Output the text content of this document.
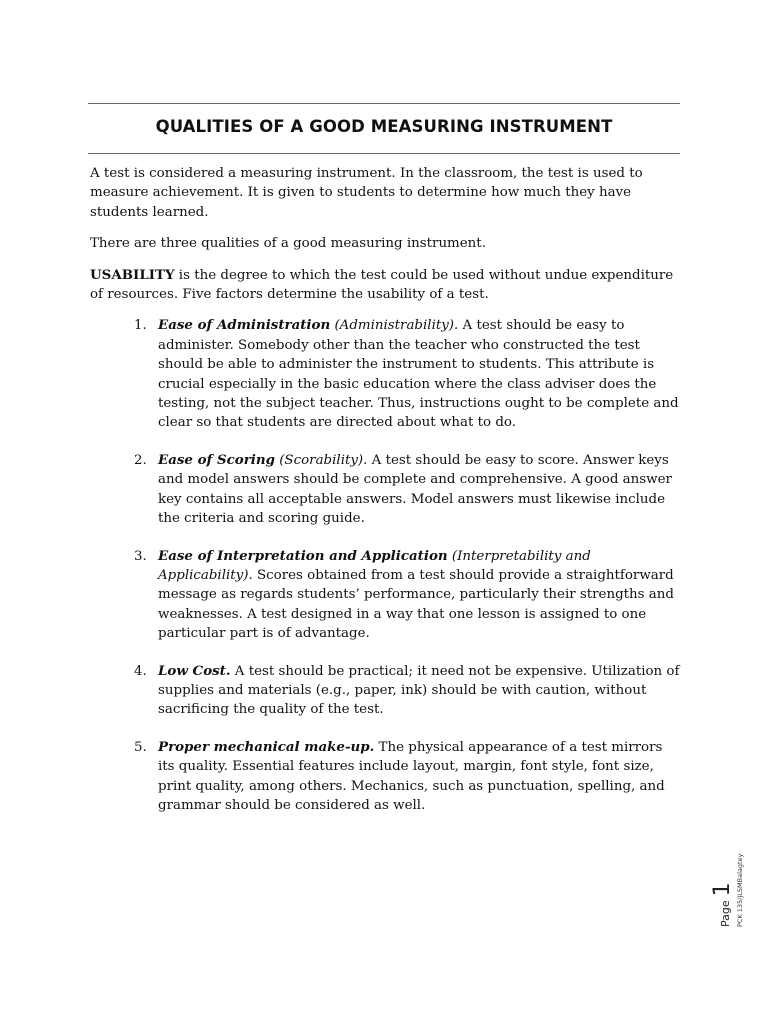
QUALITIES OF A GOOD MEASURING INSTRUMENT

A test is considered a measuring instrument. In the classroom, the test is used to measure achievement. It is given to students to determine how much they have students learned.

There are three qualities of a good measuring instrument.

USABILITY is the degree to which the test could be used without undue expenditure of resources. Five factors determine the usability of a test.

1. Ease of Administration (Administrability). A test should be easy to administer. Somebody other than the teacher who constructed the test should be able to administer the instrument to students. This attribute is crucial especially in the basic education where the class adviser does the testing, not the subject teacher. Thus, instructions ought to be complete and clear so that students are directed about what to do.
2. Ease of Scoring (Scorability). A test should be easy to score. Answer keys and model answers should be complete and comprehensive. A good answer key contains all acceptable answers. Model answers must likewise include the criteria and scoring guide.
3. Ease of Interpretation and Application (Interpretability and Applicability). Scores obtained from a test should provide a straightforward message as regards students’ performance, particularly their strengths and weaknesses. A test designed in a way that one lesson is assigned to one particular part is of advantage.
4. Low Cost. A test should be practical; it need not be expensive. Utilization of supplies and materials (e.g., paper, ink) should be with caution, without sacrificing the quality of the test.
5. Proper mechanical make-up. The physical appearance of a test mirrors its quality. Essential features include layout, margin, font style, font size, print quality, among others. Mechanics, such as punctuation, spelling, and grammar should be considered as well.
Page1 PCK 135/JLSMBalagtey
